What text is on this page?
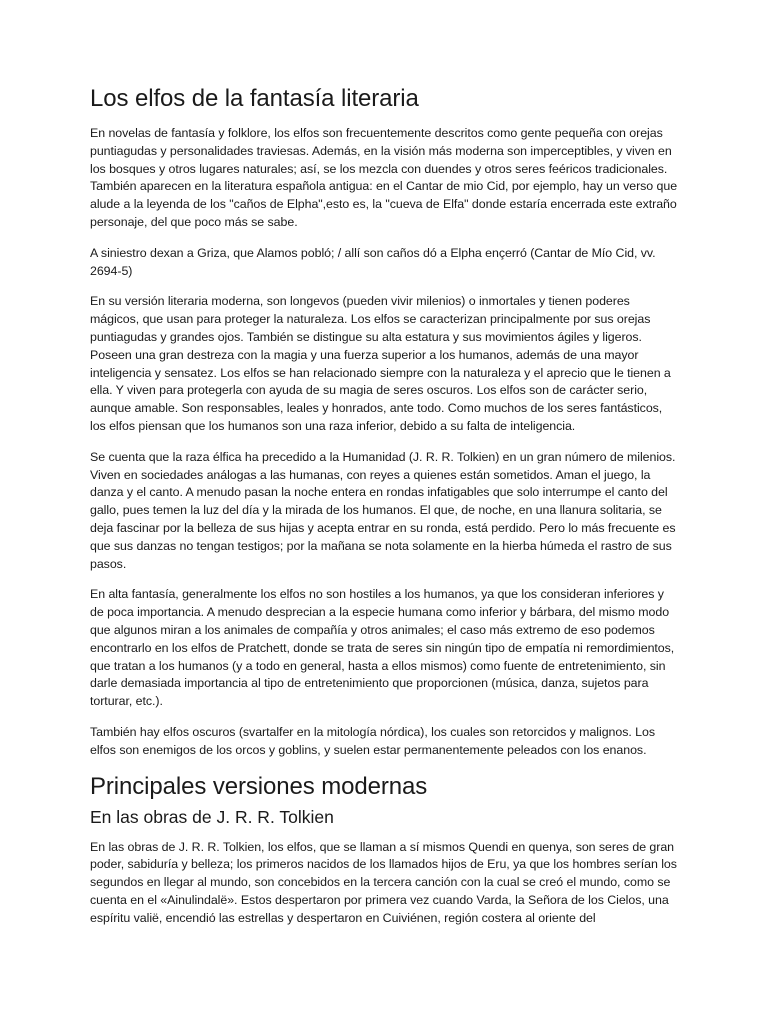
Los elfos de la fantasía literaria

En novelas de fantasía y folklore, los elfos son frecuentemente descritos como gente pequeña con orejas puntiagudas y personalidades traviesas. Además, en la visión más moderna son imperceptibles, y viven en los bosques y otros lugares naturales; así, se los mezcla con duendes y otros seres feéricos tradicionales. También aparecen en la literatura española antigua: en el Cantar de mio Cid, por ejemplo, hay un verso que alude a la leyenda de los "caños de Elpha",esto es, la "cueva de Elfa" donde estaría encerrada este extraño personaje, del que poco más se sabe.

A siniestro dexan a Griza, que Alamos pobló; / allí son caños dó a Elpha ençerró (Cantar de Mío Cid, vv. 2694-5)

En su versión literaria moderna, son longevos (pueden vivir milenios) o inmortales y tienen poderes mágicos, que usan para proteger la naturaleza. Los elfos se caracterizan principalmente por sus orejas puntiagudas y grandes ojos. También se distingue su alta estatura y sus movimientos ágiles y ligeros. Poseen una gran destreza con la magia y una fuerza superior a los humanos, además de una mayor inteligencia y sensatez. Los elfos se han relacionado siempre con la naturaleza y el aprecio que le tienen a ella. Y viven para protegerla con ayuda de su magia de seres oscuros. Los elfos son de carácter serio, aunque amable. Son responsables, leales y honrados, ante todo. Como muchos de los seres fantásticos, los elfos piensan que los humanos son una raza inferior, debido a su falta de inteligencia.

Se cuenta que la raza élfica ha precedido a la Humanidad (J. R. R. Tolkien) en un gran número de milenios. Viven en sociedades análogas a las humanas, con reyes a quienes están sometidos. Aman el juego, la danza y el canto. A menudo pasan la noche entera en rondas infatigables que solo interrumpe el canto del gallo, pues temen la luz del día y la mirada de los humanos. El que, de noche, en una llanura solitaria, se deja fascinar por la belleza de sus hijas y acepta entrar en su ronda, está perdido. Pero lo más frecuente es que sus danzas no tengan testigos; por la mañana se nota solamente en la hierba húmeda el rastro de sus pasos.

En alta fantasía, generalmente los elfos no son hostiles a los humanos, ya que los consideran inferiores y de poca importancia. A menudo desprecian a la especie humana como inferior y bárbara, del mismo modo que algunos miran a los animales de compañía y otros animales; el caso más extremo de eso podemos encontrarlo en los elfos de Pratchett, donde se trata de seres sin ningún tipo de empatía ni remordimientos, que tratan a los humanos (y a todo en general, hasta a ellos mismos) como fuente de entretenimiento, sin darle demasiada importancia al tipo de entretenimiento que proporcionen (música, danza, sujetos para torturar, etc.).

También hay elfos oscuros (svartalfer en la mitología nórdica), los cuales son retorcidos y malignos. Los elfos son enemigos de los orcos y goblins, y suelen estar permanentemente peleados con los enanos.

Principales versiones modernas
En las obras de J. R. R. Tolkien

En las obras de J. R. R. Tolkien, los elfos, que se llaman a sí mismos Quendi en quenya, son seres de gran poder, sabiduría y belleza; los primeros nacidos de los llamados hijos de Eru, ya que los hombres serían los segundos en llegar al mundo, son concebidos en la tercera canción con la cual se creó el mundo, como se cuenta en el «Ainulindalë». Estos despertaron por primera vez cuando Varda, la Señora de los Cielos, una espíritu valië, encendió las estrellas y despertaron en Cuiviénen, región costera al oriente del
